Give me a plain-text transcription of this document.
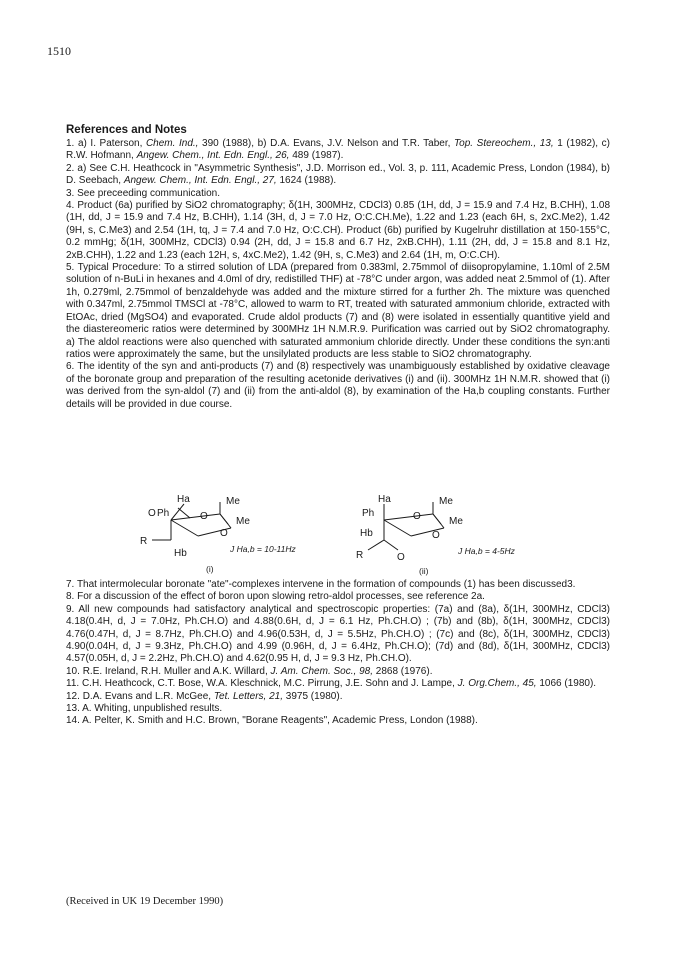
1510
References and Notes

1. a) I. Paterson, Chem. Ind., 390 (1988), b) D.A. Evans, J.V. Nelson and T.R. Taber, Top. Stereochem., 13, 1 (1982), c) R.W. Hofmann, Angew. Chem., Int. Edn. Engl., 26, 489 (1987).

2. a) See C.H. Heathcock in "Asymmetric Synthesis", J.D. Morrison ed., Vol. 3, p. 111, Academic Press, London (1984), b) D. Seebach, Angew. Chem., Int. Edn. Engl., 27, 1624 (1988).

3. See preceeding communication.

4. Product (6a) purified by SiO2 chromatography; δ(1H, 300MHz, CDCl3) 0.85 (1H, dd, J = 15.9 and 7.4 Hz, B.CHH), 1.08 (1H, dd, J = 15.9 and 7.4 Hz, B.CHH), 1.14 (3H, d, J = 7.0 Hz, O:C.CH.Me), 1.22 and 1.23 (each 6H, s, 2xC.Me2), 1.42 (9H, s, C.Me3) and 2.54 (1H, tq, J = 7.4 and 7.0 Hz, O:C.CH). Product (6b) purified by Kugelruhr distillation at 150-155°C, 0.2 mmHg; δ(1H, 300MHz, CDCl3) 0.94 (2H, dd, J = 15.8 and 6.7 Hz, 2xB.CHH), 1.11 (2H, dd, J = 15.8 and 8.1 Hz, 2xB.CHH), 1.22 and 1.23 (each 12H, s, 4xC.Me2), 1.42 (9H, s, C.Me3) and 2.64 (1H, m, O:C.CH).

5. Typical Procedure: To a stirred solution of LDA (prepared from 0.383ml, 2.75mmol of diisopropylamine, 1.10ml of 2.5M solution of n-BuLi in hexanes and 4.0ml of dry, redistilled THF) at -78°C under argon, was added neat 2.5mmol of (1). After 1h, 0.279ml, 2.75mmol of benzaldehyde was added and the mixture stirred for a further 2h. The mixture was quenched with 0.347ml, 2.75mmol TMSCl at -78°C, allowed to warm to RT, treated with saturated ammonium chloride, extracted with EtOAc, dried (MgSO4) and evaporated. Crude aldol products (7) and (8) were isolated in essentially quantitive yield and the diastereomeric ratios were determined by 300MHz 1H N.M.R.9. Purification was carried out by SiO2 chromatography. a) The aldol reactions were also quenched with saturated ammonium chloride directly. Under these conditions the syn:anti ratios were approximately the same, but the unsilylated products are less stable to SiO2 chromatography.

6. The identity of the syn and anti-products (7) and (8) respectively was unambiguously established by oxidative cleavage of the boronate group and preparation of the resulting acetonide derivatives (i) and (ii). 300MHz 1H N.M.R. showed that (i) was derived from the syn-aldol (7) and (ii) from the anti-aldol (8), by examination of the Ha,b coupling constants. Further details will be provided in due course.

Ha	Me
O Ph	O	Me
O
R
Hb	J Ha,b = 10-11Hz
(i)
Ha	Me
Ph	O	Me
Hb	O
R	O
J Ha,b = 4-5Hz
(ii)

7. That intermolecular boronate "ate"-complexes intervene in the formation of compounds (1) has been discussed3.

8. For a discussion of the effect of boron upon slowing retro-aldol processes, see reference 2a.

9. All new compounds had satisfactory analytical and spectroscopic properties: (7a) and (8a), δ(1H, 300MHz, CDCl3) 4.18(0.4H, d, J = 7.0Hz, Ph.CH.O) and 4.88(0.6H, d, J = 6.1 Hz, Ph.CH.O) ; (7b) and (8b), δ(1H, 300MHz, CDCl3) 4.76(0.47H, d, J = 8.7Hz, Ph.CH.O) and 4.96(0.53H, d, J = 5.5Hz, Ph.CH.O) ; (7c) and (8c), δ(1H, 300MHz, CDCl3) 4.90(0.04H, d, J = 9.3Hz, Ph.CH.O) and 4.99 (0.96H, d, J = 6.4Hz, Ph.CH.O); (7d) and (8d), δ(1H, 300MHz, CDCl3) 4.57(0.05H, d, J = 2.2Hz, Ph.CH.O) and 4.62(0.95 H, d, J = 9.3 Hz, Ph.CH.O).

10. R.E. Ireland, R.H. Muller and A.K. Willard, J. Am. Chem. Soc., 98, 2868 (1976).

11. C.H. Heathcock, C.T. Bose, W.A. Kleschnick, M.C. Pirrung, J.E. Sohn and J. Lampe, J. Org.Chem., 45, 1066 (1980).

12. D.A. Evans and L.R. McGee, Tet. Letters, 21, 3975 (1980).

13. A. Whiting, unpublished results.

14. A. Pelter, K. Smith and H.C. Brown, "Borane Reagents", Academic Press, London (1988).

(Received in UK 19 December 1990)
